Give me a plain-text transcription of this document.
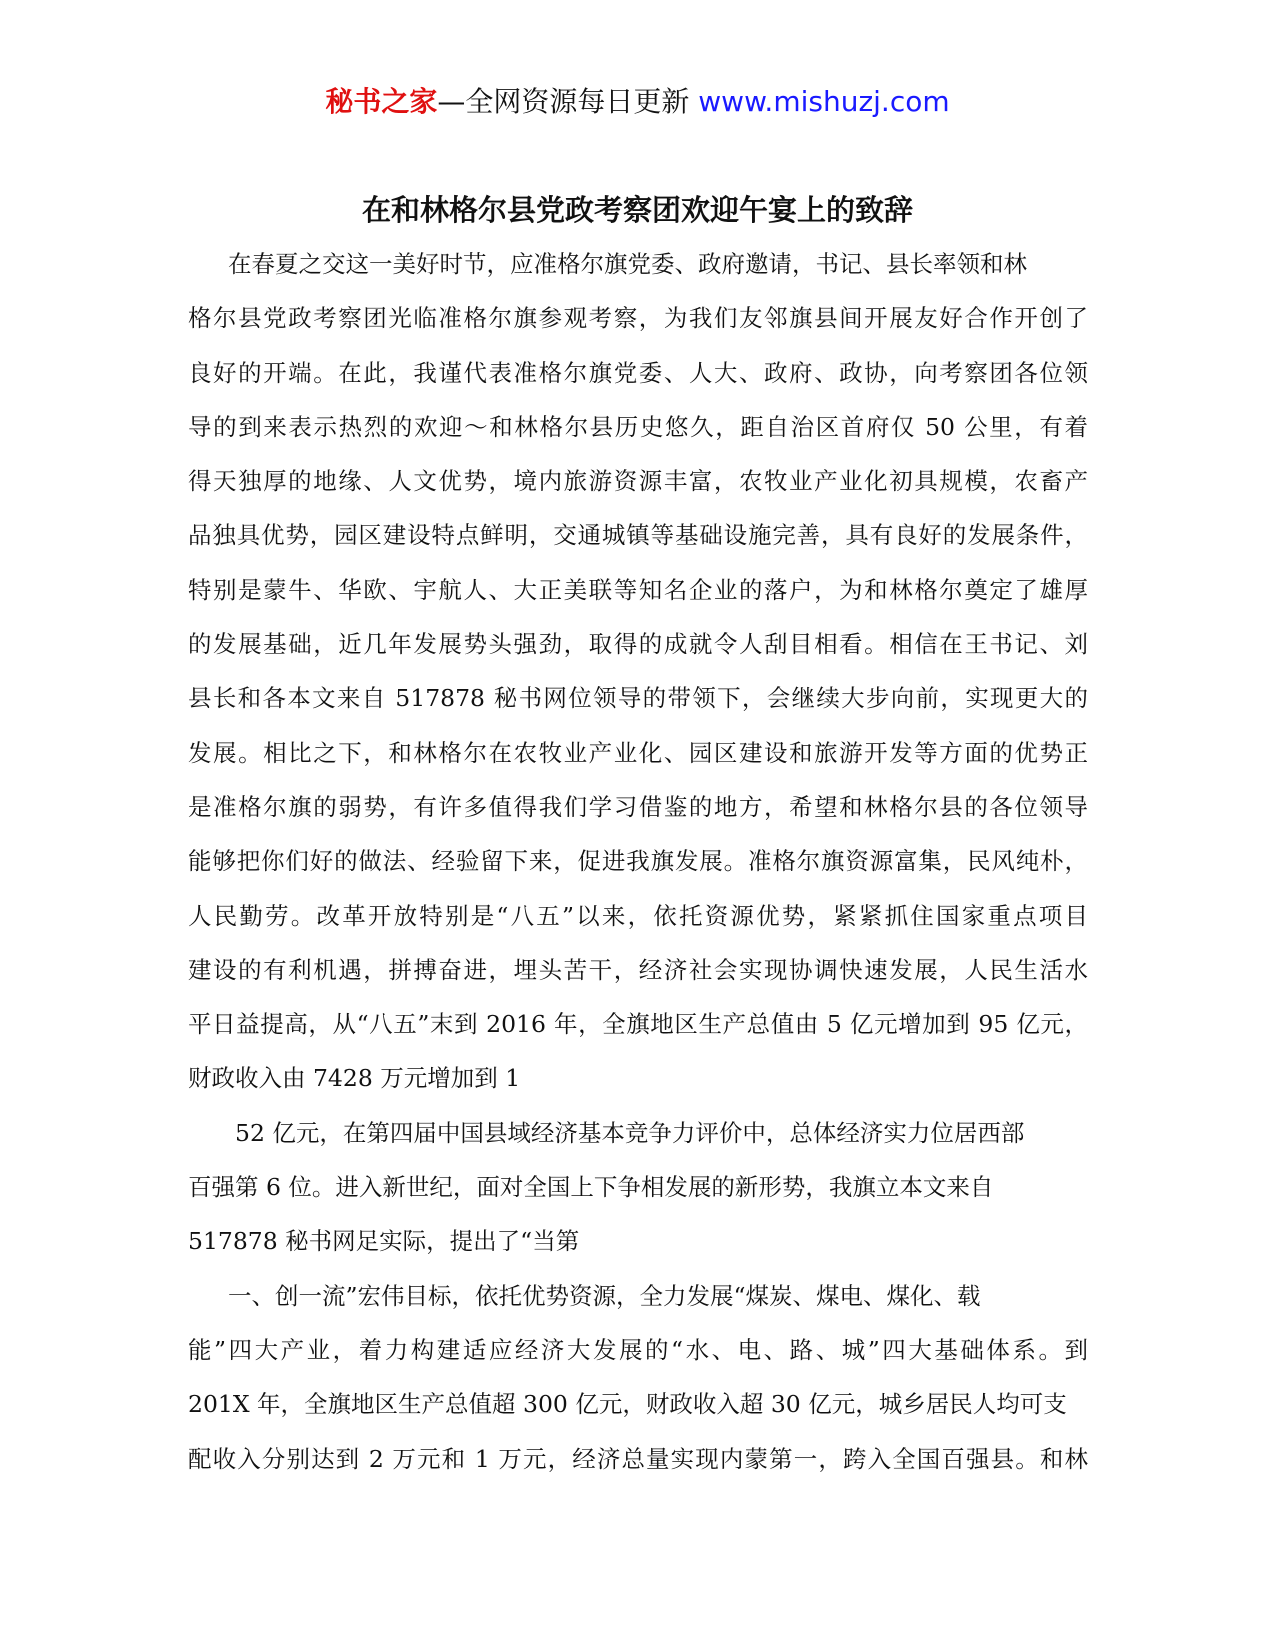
秘书之家—全网资源每日更新 www.mishuzj.com
在和林格尔县党政考察团欢迎午宴上的致辞
在春夏之交这一美好时节，应准格尔旗党委、政府邀请，书记、县长率领和林
格尔县党政考察团光临准格尔旗参观考察，为我们友邻旗县间开展友好合作开创了
良好的开端。在此，我谨代表准格尔旗党委、人大、政府、政协，向考察团各位领
导的到来表示热烈的欢迎～和林格尔县历史悠久，距自治区首府仅 50 公里，有着
得天独厚的地缘、人文优势，境内旅游资源丰富，农牧业产业化初具规模，农畜产
品独具优势，园区建设特点鲜明，交通城镇等基础设施完善，具有良好的发展条件，
特别是蒙牛、华欧、宇航人、大正美联等知名企业的落户，为和林格尔奠定了雄厚
的发展基础，近几年发展势头强劲，取得的成就令人刮目相看。相信在王书记、刘
县长和各本文来自 517878 秘书网位领导的带领下，会继续大步向前，实现更大的
发展。相比之下，和林格尔在农牧业产业化、园区建设和旅游开发等方面的优势正
是准格尔旗的弱势，有许多值得我们学习借鉴的地方，希望和林格尔县的各位领导
能够把你们好的做法、经验留下来，促进我旗发展。准格尔旗资源富集，民风纯朴，
人民勤劳。改革开放特别是“八五”以来，依托资源优势，紧紧抓住国家重点项目
建设的有利机遇，拼搏奋进，埋头苦干，经济社会实现协调快速发展，人民生活水
平日益提高，从“八五”末到 2016 年，全旗地区生产总值由 5 亿元增加到 95 亿元，
财政收入由 7428 万元增加到 1
52 亿元，在第四届中国县域经济基本竞争力评价中，总体经济实力位居西部
百强第 6 位。进入新世纪，面对全国上下争相发展的新形势，我旗立本文来自
517878 秘书网足实际，提出了“当第
一、创一流”宏伟目标，依托优势资源，全力发展“煤炭、煤电、煤化、载
能”四大产业，着力构建适应经济大发展的“水、电、路、城”四大基础体系。到
201X 年，全旗地区生产总值超 300 亿元，财政收入超 30 亿元，城乡居民人均可支
配收入分别达到 2 万元和 1 万元，经济总量实现内蒙第一，跨入全国百强县。和林
